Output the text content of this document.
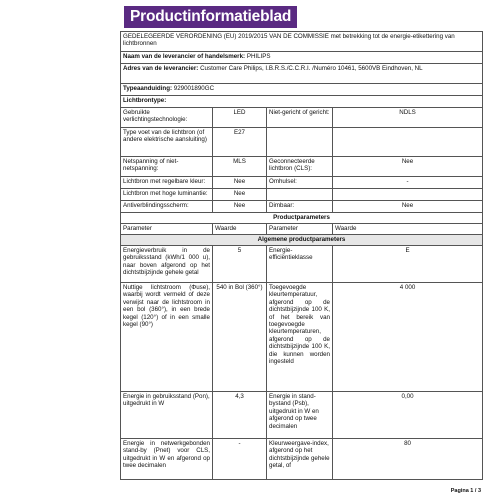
Productinformatieblad
GEDELEGEERDE VERORDENING (EU) 2019/2015 VAN DE COMMISSIE met betrekking tot de energie-etikettering van lichtbronnen			
Naam van de leverancier of handelsmerk: PHILIPS			
Adres van de leverancier: Customer Care Philips, I.B.R.S./C.C.R.I. /Numéro 10461, 5600VB Eindhoven, NL			
Typeaanduiding: 929001890GC			
Lichtbrontype:			
Gebruikte verlichtingstechnologie:	LED	Niet-gericht of gericht:	NDLS
Type voet van de lichtbron (of andere elektrische aansluiting)	E27		
Netspanning of niet-netspanning:	MLS	Geconnecteerde lichtbron (CLS):	Nee
Lichtbron met regelbare kleur:	Nee	Omhulsel:	-
Lichtbron met hoge luminantie:	Nee		
Antiverblindingsscherm:	Nee	Dimbaar:	Nee
Productparameters			
Parameter	Waarde	Parameter	Waarde
Algemene productparameters			
Energieverbruik in de gebruiksstand (kWh/1 000 u), naar boven afgerond op het dichtstbijzijnde gehele getal	5	Energie-efficiëntieklasse	E
Nuttige lichtstroom (Φuse), waarbij wordt vermeld of deze verwijst naar de lichtstroom in een bol (360°), in een brede kegel (120°) of in een smalle kegel (90°)	540 in Bol (360°)	Toegevoegde kleurtemperatuur, afgerond op de dichtstbijzijnde 100 K, of het bereik van toegevoegde kleurtemperaturen, afgerond op de dichtstbijzijnde 100 K, die kunnen worden ingesteld	4 000
Energie in gebruiksstand (Pon), uitgedrukt in W	4,3	Energie in stand-bystand (Psb), uitgedrukt in W en afgerond op twee decimalen	0,00
Energie in netwerkgebonden stand-by (Pnet) voor CLS, uitgedrukt in W en afgerond op twee decimalen	-	Kleurweergave-index, afgerond op het dichtstbijzijnde gehele getal, of	80
Pagina 1 / 3
